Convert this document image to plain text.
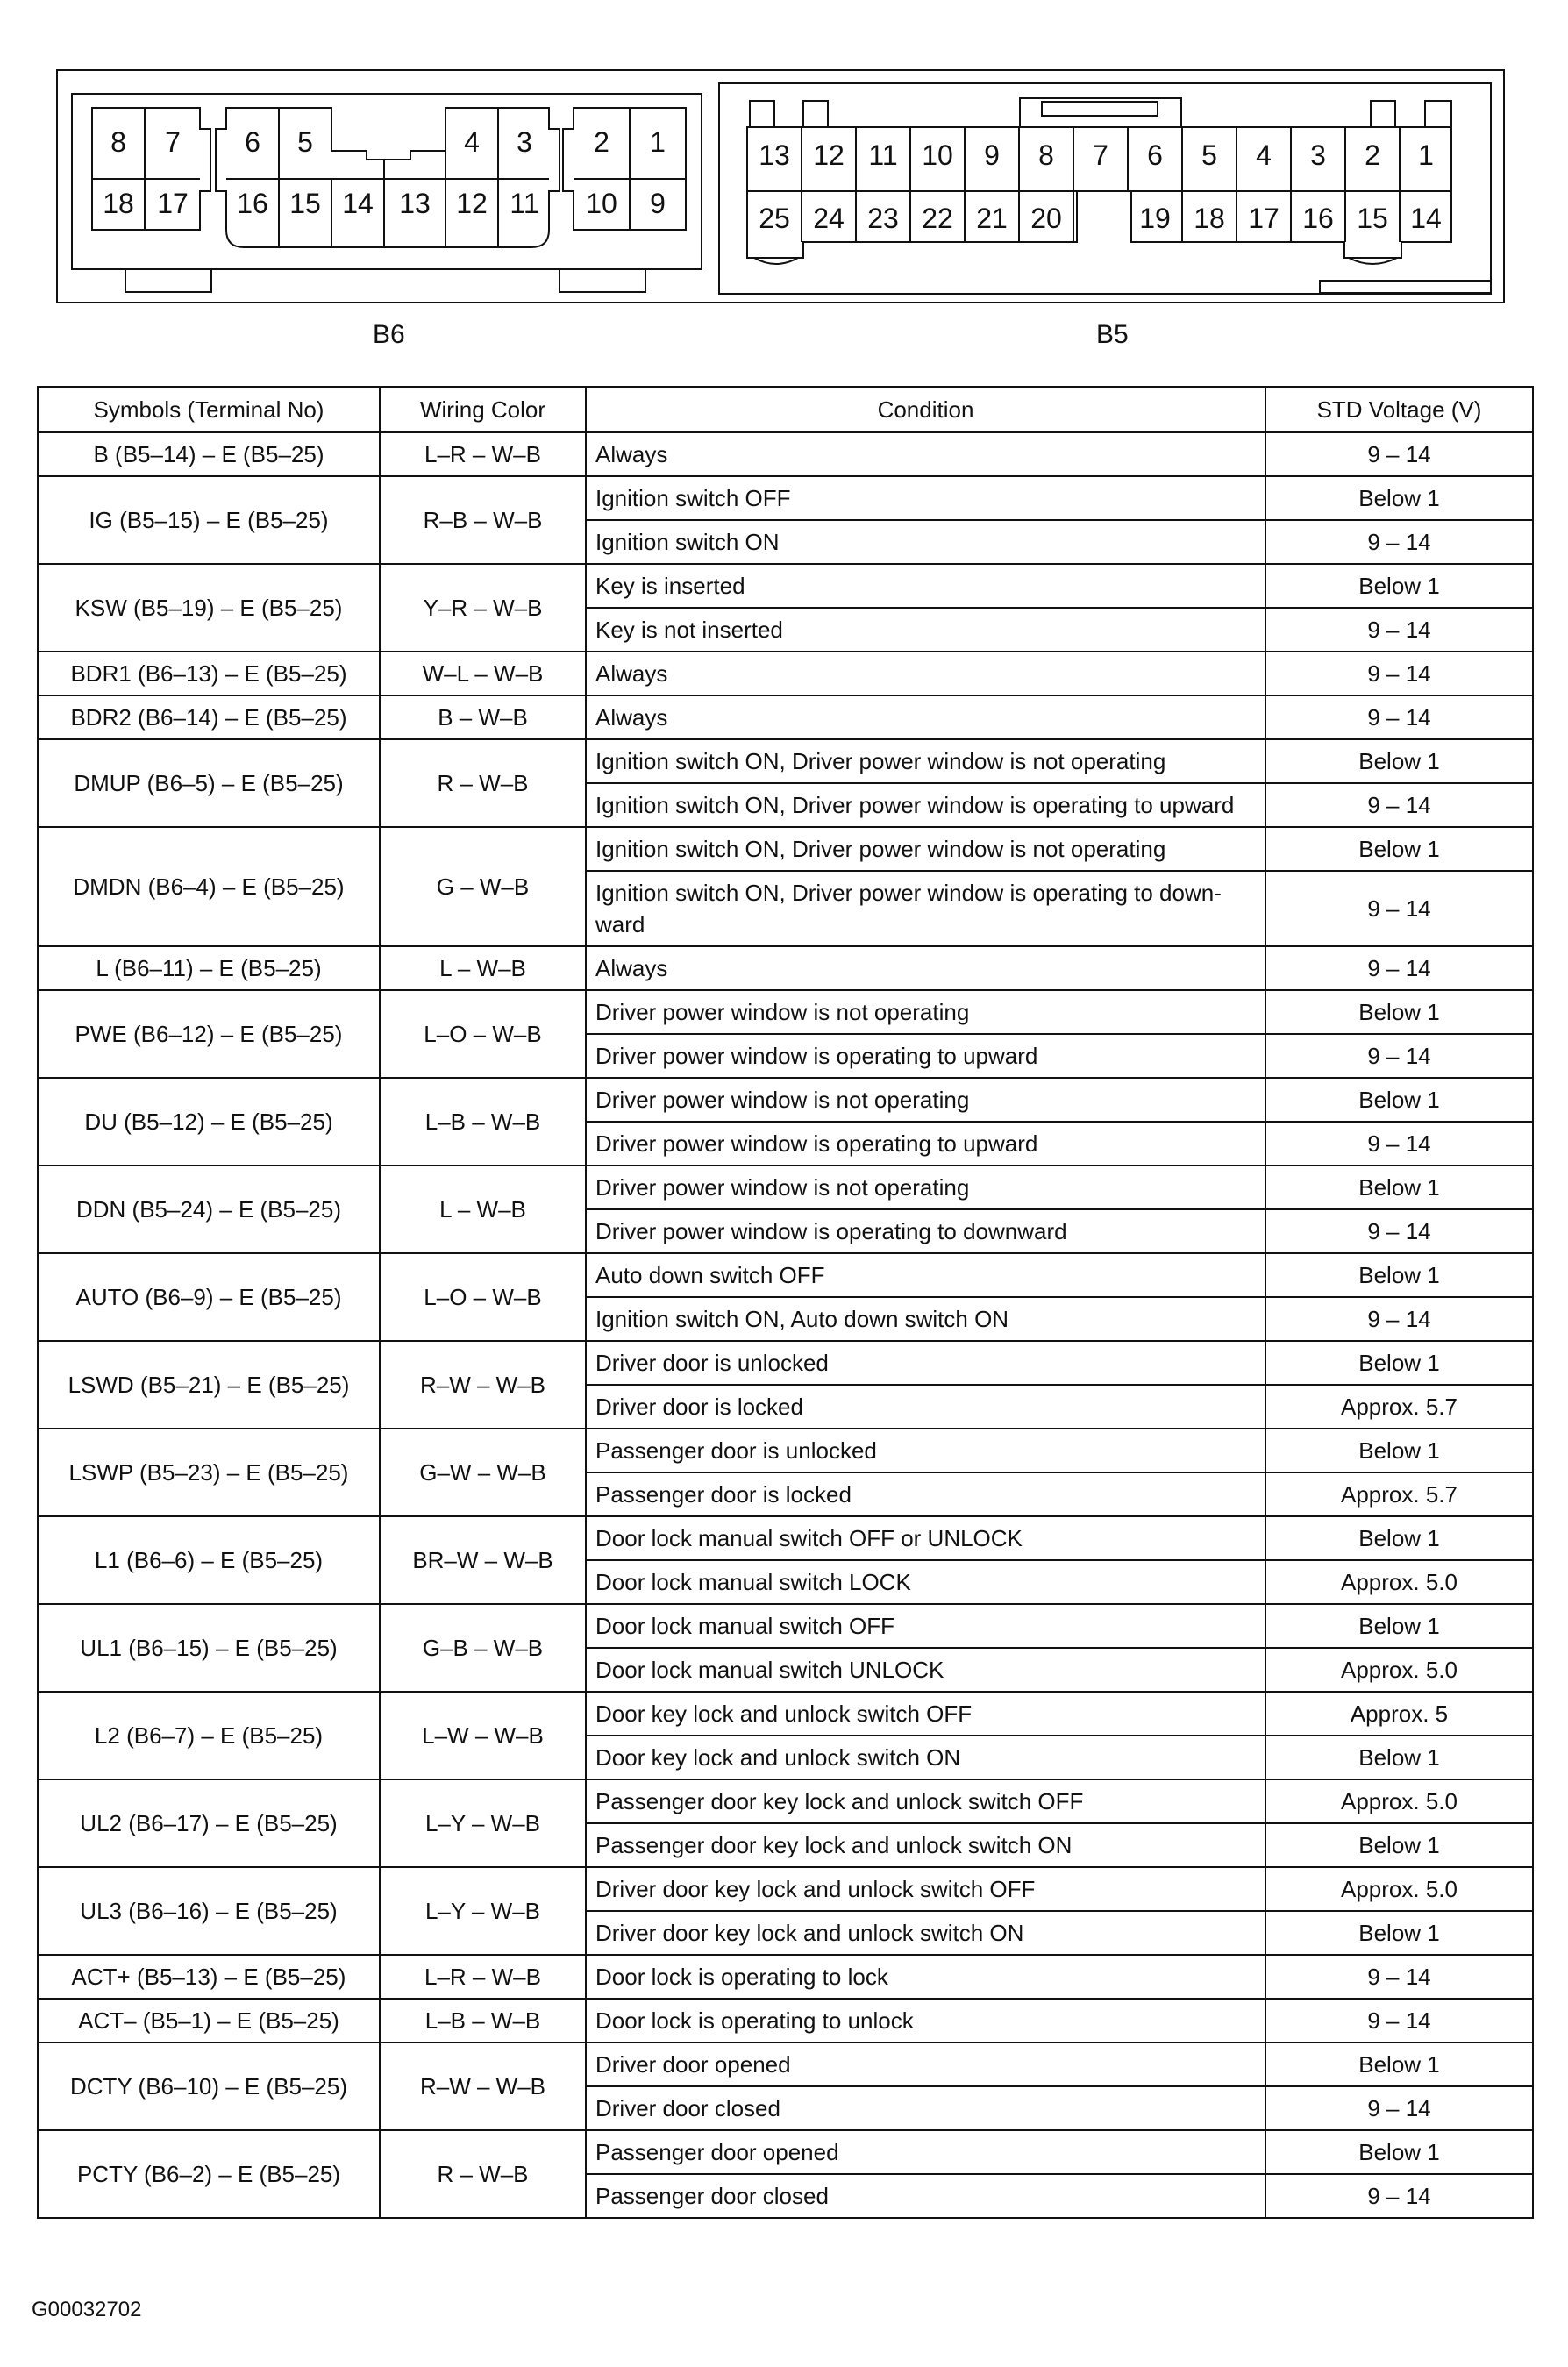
8 7 6 5	4 3 2 1
18 17 16 15 14 13 12 11 10 9
13 12 11 10 9 8 7 6 5 4 3 2 1
25 24 23 22 21 20	19 18 17 16 15 14
B6	B5
Symbols (Terminal No)	Wiring Color	Condition	STD Voltage (V)
B (B5–14) – E (B5–25)	L–R – W–B	Always	9 – 14
IG (B5–15) – E (B5–25)	R–B – W–B	Ignition switch OFF	Below 1
		Ignition switch ON	9 – 14
KSW (B5–19) – E (B5–25)	Y–R – W–B	Key is inserted	Below 1
		Key is not inserted	9 – 14
BDR1 (B6–13) – E (B5–25)	W–L – W–B	Always	9 – 14
BDR2 (B6–14) – E (B5–25)	B – W–B	Always	9 – 14
DMUP (B6–5) – E (B5–25)	R – W–B	Ignition switch ON, Driver power window is not operating	Below 1
		Ignition switch ON, Driver power window is operating to upward	9 – 14
DMDN (B6–4) – E (B5–25)	G – W–B	Ignition switch ON, Driver power window is not operating	Below 1
		Ignition switch ON, Driver power window is operating to down-ward	9 – 14
L (B6–11) – E (B5–25)	L – W–B	Always	9 – 14
PWE (B6–12) – E (B5–25)	L–O – W–B	Driver power window is not operating	Below 1
		Driver power window is operating to upward	9 – 14
DU (B5–12) – E (B5–25)	L–B – W–B	Driver power window is not operating	Below 1
		Driver power window is operating to upward	9 – 14
DDN (B5–24) – E (B5–25)	L – W–B	Driver power window is not operating	Below 1
		Driver power window is operating to downward	9 – 14
AUTO (B6–9) – E (B5–25)	L–O – W–B	Auto down switch OFF	Below 1
		Ignition switch ON, Auto down switch ON	9 – 14
LSWD (B5–21) – E (B5–25)	R–W – W–B	Driver door is unlocked	Below 1
		Driver door is locked	Approx. 5.7
LSWP (B5–23) – E (B5–25)	G–W – W–B	Passenger door is unlocked	Below 1
		Passenger door is locked	Approx. 5.7
L1 (B6–6) – E (B5–25)	BR–W – W–B	Door lock manual switch OFF or UNLOCK	Below 1
		Door lock manual switch LOCK	Approx. 5.0
UL1 (B6–15) – E (B5–25)	G–B – W–B	Door lock manual switch OFF	Below 1
		Door lock manual switch UNLOCK	Approx. 5.0
L2 (B6–7) – E (B5–25)	L–W – W–B	Door key lock and unlock switch OFF	Approx. 5
		Door key lock and unlock switch ON	Below 1
UL2 (B6–17) – E (B5–25)	L–Y – W–B	Passenger door key lock and unlock switch OFF	Approx. 5.0
		Passenger door key lock and unlock switch ON	Below 1
UL3 (B6–16) – E (B5–25)	L–Y – W–B	Driver door key lock and unlock switch OFF	Approx. 5.0
		Driver door key lock and unlock switch ON	Below 1
ACT+ (B5–13) – E (B5–25)	L–R – W–B	Door lock is operating to lock	9 – 14
ACT– (B5–1) – E (B5–25)	L–B – W–B	Door lock is operating to unlock	9 – 14
DCTY (B6–10) – E (B5–25)	R–W – W–B	Driver door opened	Below 1
		Driver door closed	9 – 14
PCTY (B6–2) – E (B5–25)	R – W–B	Passenger door opened	Below 1
		Passenger door closed	9 – 14
G00032702
